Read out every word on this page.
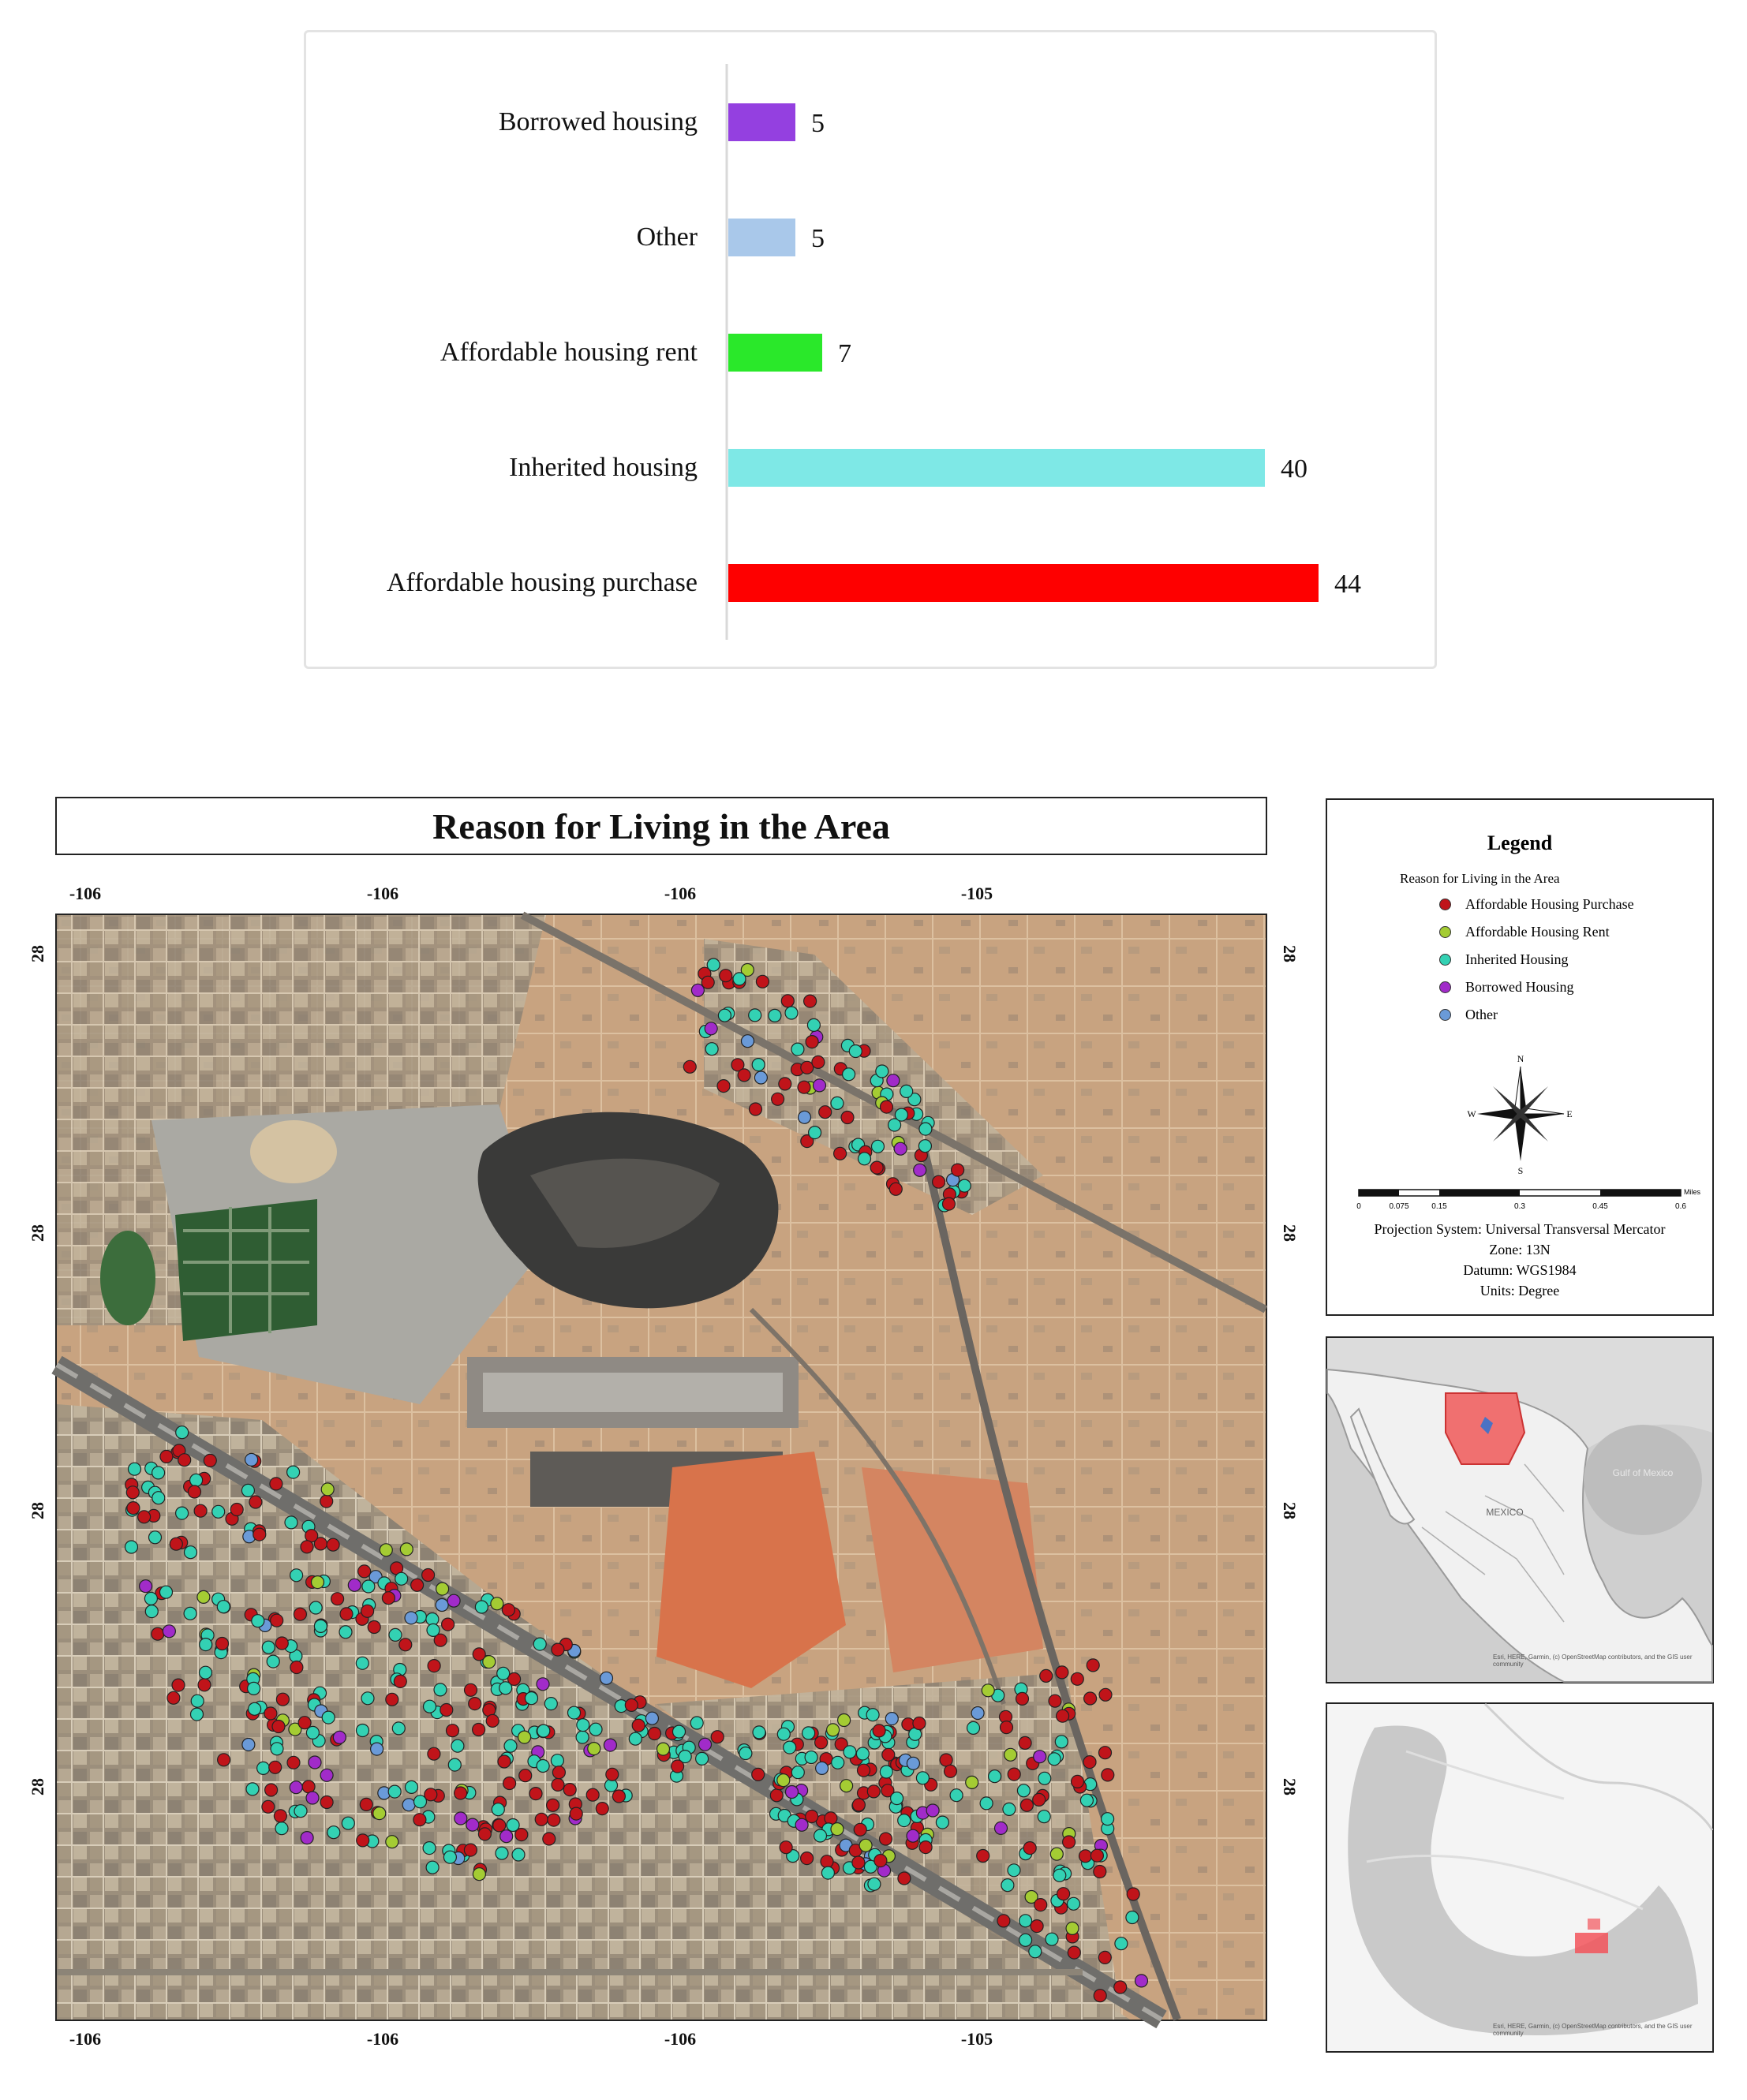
Borrowed housing	5
Other	5
Affordable housing rent	7
Inherited housing	40
Affordable housing purchase	44
Reason for Living in the Area
-106	-106	-106	-105
-106	-106	-106	-105
28
28
28
28
28
28
28
28
Legend
Reason for Living in the Area
Affordable Housing Purchase
Affordable Housing Rent
Inherited Housing
Borrowed Housing
Other
N
S
W	E
0	0.075	0.15	0.3	0.45	0.6
Miles
Projection System: Universal Transversal Mercator
Zone: 13N
Datumn: WGS1984
Units: Degree
Gulf of Mexico
MEXICO
Esri, HERE, Garmin, (c) OpenStreetMap contributors, and the GIS user community
Esri, HERE, Garmin, (c) OpenStreetMap contributors, and the GIS user community
